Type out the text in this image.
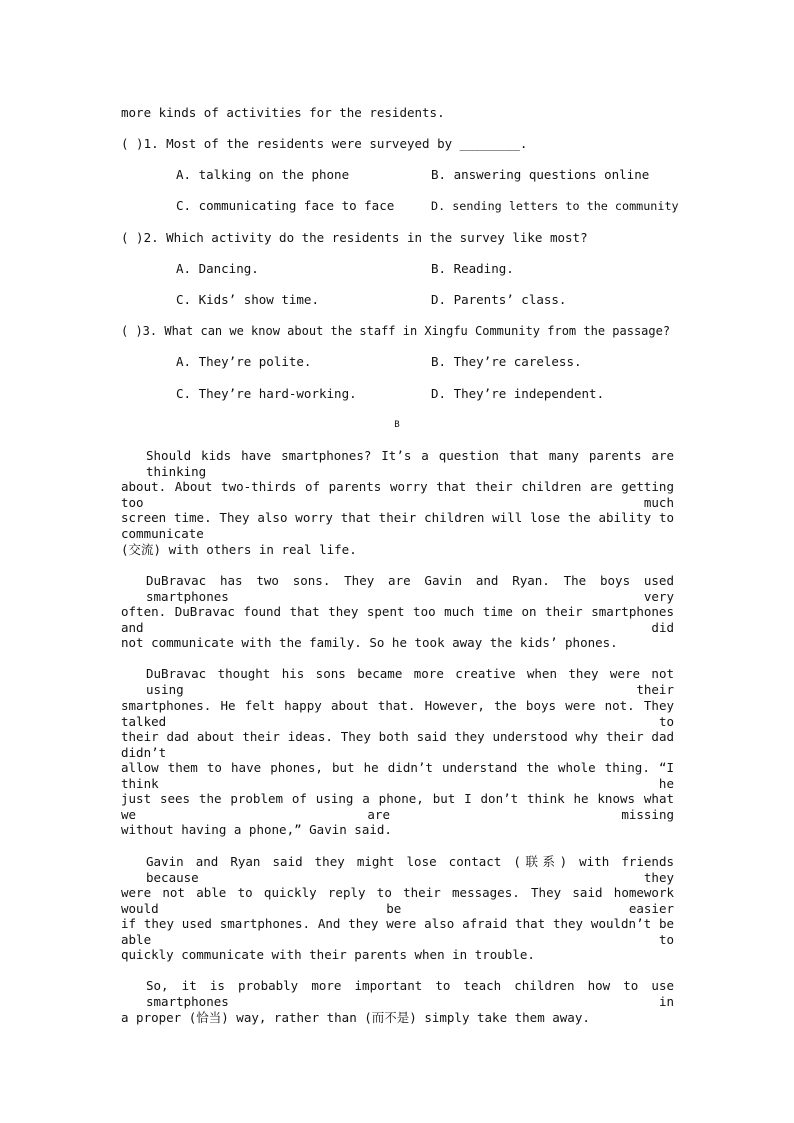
more kinds of activities for the residents.
( )1. Most of the residents were surveyed by ________.
A. talking on the phone	B. answering questions online
C. communicating face to face	D. sending letters to the community
( )2. Which activity do the residents in the survey like most?
A. Dancing.	B. Reading.
C. Kids’ show time.	D. Parents’ class.
( )3. What can we know about the staff in Xingfu Community from the passage?
A. They’re polite.	B. They’re careless.
C. They’re hard-working.	D. They’re independent.
B
Should kids have smartphones? It’s a question that many parents are thinking
about. About two-thirds of parents worry that their children are getting too much
screen time. They also worry that their children will lose the ability to communicate
(交流) with others in real life.
DuBravac has two sons. They are Gavin and Ryan. The boys used smartphones very
often. DuBravac found that they spent too much time on their smartphones and did
not communicate with the family. So he took away the kids’ phones.
DuBravac thought his sons became more creative when they were not using their
smartphones. He felt happy about that. However, the boys were not. They talked to
their dad about their ideas. They both said they understood why their dad didn’t
allow them to have phones, but he didn’t understand the whole thing. “I think he
just sees the problem of using a phone, but I don’t think he knows what we are missing
without having a phone,” Gavin said.
Gavin and Ryan said they might lose contact (联系) with friends because they
were not able to quickly reply to their messages. They said homework would be easier
if they used smartphones. And they were also afraid that they wouldn’t be able to
quickly communicate with their parents when in trouble.
So, it is probably more important to teach children how to use smartphones in
a proper (恰当) way, rather than (而不是) simply take them away.
